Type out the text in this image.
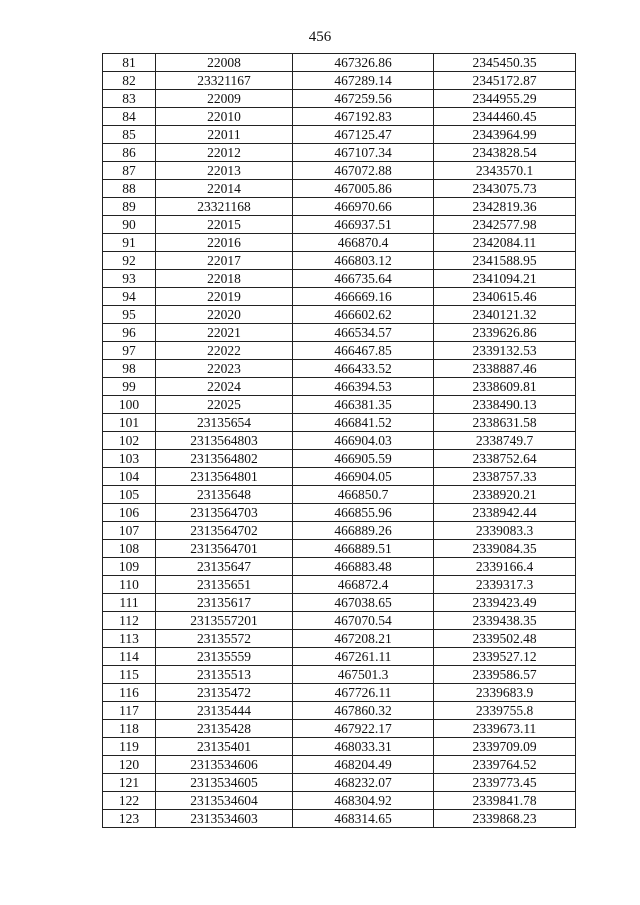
456
81	22008	467326.86	2345450.35
82	23321167	467289.14	2345172.87
83	22009	467259.56	2344955.29
84	22010	467192.83	2344460.45
85	22011	467125.47	2343964.99
86	22012	467107.34	2343828.54
87	22013	467072.88	2343570.1
88	22014	467005.86	2343075.73
89	23321168	466970.66	2342819.36
90	22015	466937.51	2342577.98
91	22016	466870.4	2342084.11
92	22017	466803.12	2341588.95
93	22018	466735.64	2341094.21
94	22019	466669.16	2340615.46
95	22020	466602.62	2340121.32
96	22021	466534.57	2339626.86
97	22022	466467.85	2339132.53
98	22023	466433.52	2338887.46
99	22024	466394.53	2338609.81
100	22025	466381.35	2338490.13
101	23135654	466841.52	2338631.58
102	2313564803	466904.03	2338749.7
103	2313564802	466905.59	2338752.64
104	2313564801	466904.05	2338757.33
105	23135648	466850.7	2338920.21
106	2313564703	466855.96	2338942.44
107	2313564702	466889.26	2339083.3
108	2313564701	466889.51	2339084.35
109	23135647	466883.48	2339166.4
110	23135651	466872.4	2339317.3
111	23135617	467038.65	2339423.49
112	2313557201	467070.54	2339438.35
113	23135572	467208.21	2339502.48
114	23135559	467261.11	2339527.12
115	23135513	467501.3	2339586.57
116	23135472	467726.11	2339683.9
117	23135444	467860.32	2339755.8
118	23135428	467922.17	2339673.11
119	23135401	468033.31	2339709.09
120	2313534606	468204.49	2339764.52
121	2313534605	468232.07	2339773.45
122	2313534604	468304.92	2339841.78
123	2313534603	468314.65	2339868.23
